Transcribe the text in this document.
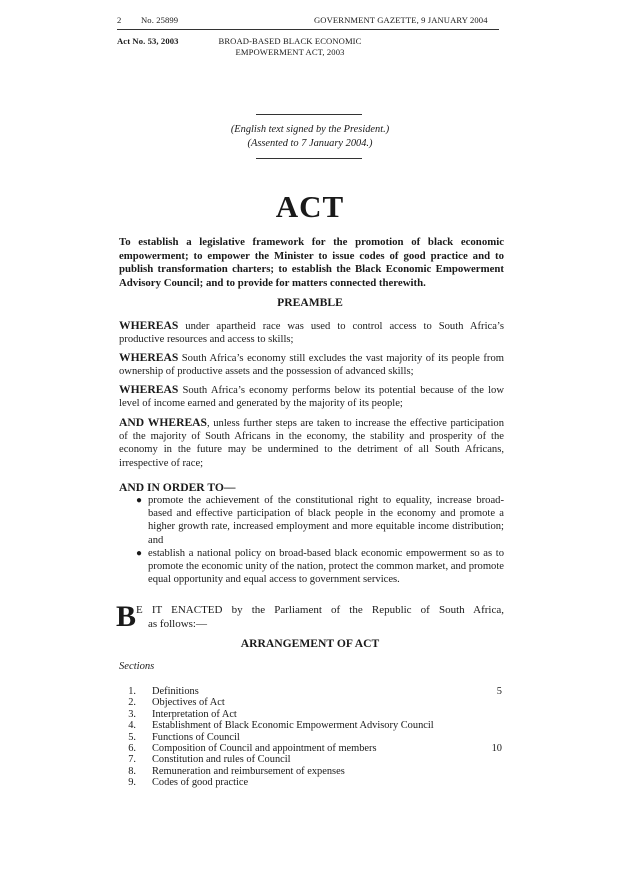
2 No. 25899	GOVERNMENT GAZETTE, 9 JANUARY 2004
Act No. 53, 2003	BROAD-BASED BLACK ECONOMIC
EMPOWERMENT ACT, 2003
(English text signed by the President.)
(Assented to 7 January 2004.)
ACT
To establish a legislative framework for the promotion of black economic
empowerment; to empower the Minister to issue codes of good practice and to
publish transformation charters; to establish the Black Economic Empowerment
Advisory Council; and to provide for matters connected therewith.
PREAMBLE
WHEREAS under apartheid race was used to control access to South Africa’s productive resources and access to skills;
WHEREAS South Africa’s economy still excludes the vast majority of its people from ownership of productive assets and the possession of advanced skills;
WHEREAS South Africa’s economy performs below its potential because of the low level of income earned and generated by the majority of its people;
AND WHEREAS, unless further steps are taken to increase the effective participation of the majority of South Africans in the economy, the stability and prosperity of the economy in the future may be undermined to the detriment of all South Africans, irrespective of race;
AND IN ORDER TO—
● promote the achievement of the constitutional right to equality, increase broad-based and effective participation of black people in the economy and promote a higher growth rate, increased employment and more equitable income distribution; and
● establish a national policy on broad-based black economic empowerment so as to promote the economic unity of the nation, protect the common market, and promote equal opportunity and equal access to government services.
B E IT ENACTED by the Parliament of the Republic of South Africa,
as follows:—
ARRANGEMENT OF ACT
Sections
1. Definitions	5
2. Objectives of Act
3. Interpretation of Act
4. Establishment of Black Economic Empowerment Advisory Council
5. Functions of Council
6. Composition of Council and appointment of members	10
7. Constitution and rules of Council
8. Remuneration and reimbursement of expenses
9. Codes of good practice
